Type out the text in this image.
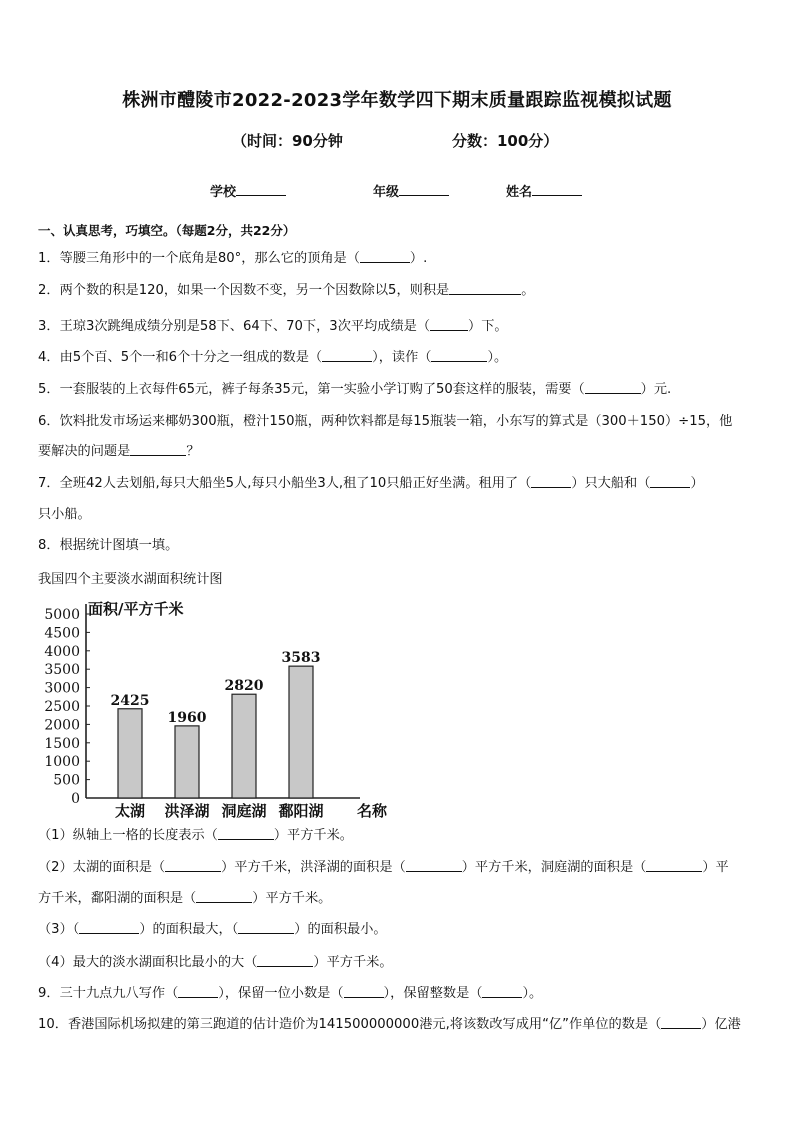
株洲市醴陵市2022-2023学年数学四下期末质量跟踪监视模拟试题
（时间：90分钟	分数：100分）
学校	年级	姓名
一、认真思考，巧填空。（每题2分，共22分）
1．等腰三角形中的一个底角是80°，那么它的顶角是（	）.
2．两个数的积是120，如果一个因数不变，另一个因数除以5，则积是	。
3．王琼3次跳绳成绩分别是58下、64下、70下，3次平均成绩是（	）下。
4．由5个百、5个一和6个十分之一组成的数是（	），读作（	）。
5．一套服装的上衣每件65元，裤子每条35元，第一实验小学订购了50套这样的服装，需要（	）元.
6．饮料批发市场运来椰奶300瓶，橙汁150瓶，两种饮料都是每15瓶装一箱，小东写的算式是（300＋150）÷15，他
要解决的问题是	？
7．全班42人去划船,每只大船坐5人,每只小船坐3人,租了10只船正好坐满。租用了（	）只大船和（	）
只小船。
8．根据统计图填一填。
我国四个主要淡水湖面积统计图
面积/平方千米
名称
0
500
1000
1500
2000
2500
3000
3500
4000
4500
5000
2425
1960
2820
3583
太湖 洪泽湖 洞庭湖 鄱阳湖
（1）纵轴上一格的长度表示（	）平方千米。
（2）太湖的面积是（	）平方千米，洪泽湖的面积是（	）平方千米，洞庭湖的面积是（	）平
方千米，鄱阳湖的面积是（	）平方千米。
（3）（	）的面积最大，（	）的面积最小。
（4）最大的淡水湖面积比最小的大（	）平方千米。
9．三十九点九八写作（	），保留一位小数是（	），保留整数是（	）。
10．香港国际机场拟建的第三跑道的估计造价为141500000000港元,将该数改写成用“亿”作单位的数是（	）亿港
